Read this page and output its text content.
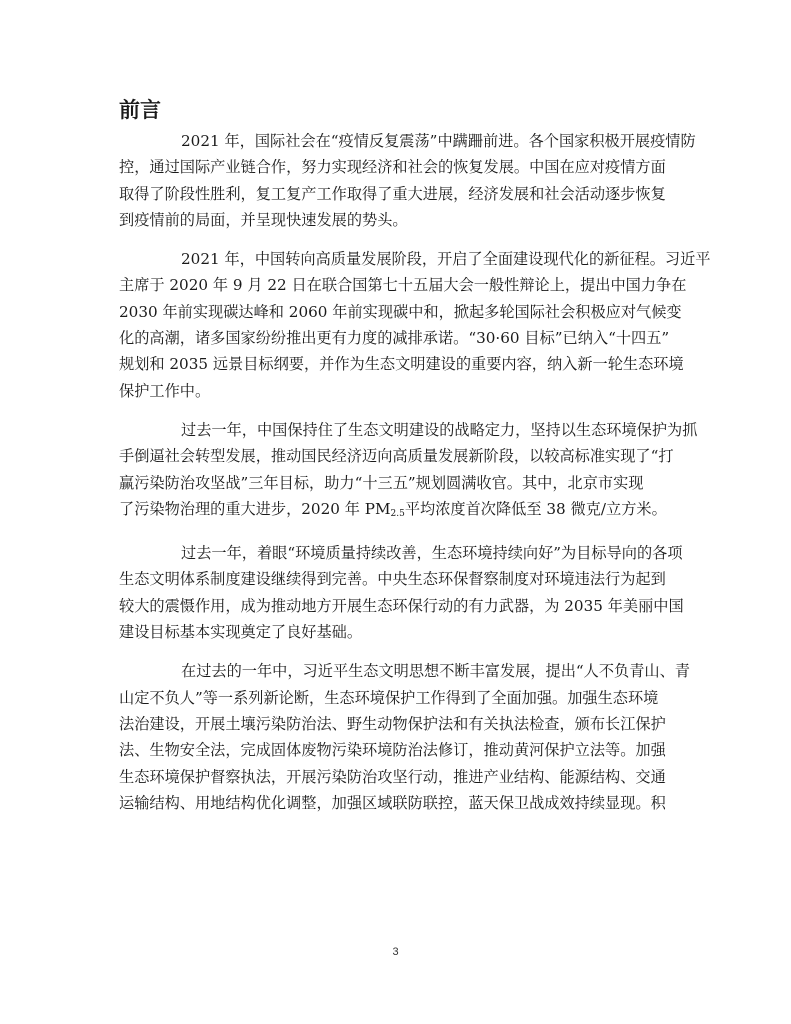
前言

2021 年，国际社会在“疫情反复震荡”中蹒跚前进。各个国家积极开展疫情防
控，通过国际产业链合作，努力实现经济和社会的恢复发展。中国在应对疫情方面
取得了阶段性胜利，复工复产工作取得了重大进展，经济发展和社会活动逐步恢复
到疫情前的局面，并呈现快速发展的势头。

2021 年，中国转向高质量发展阶段，开启了全面建设现代化的新征程。习近平
主席于 2020 年 9 月 22 日在联合国第七十五届大会一般性辩论上，提出中国力争在
2030 年前实现碳达峰和 2060 年前实现碳中和，掀起多轮国际社会积极应对气候变
化的高潮，诸多国家纷纷推出更有力度的减排承诺。“30·60 目标”已纳入“十四五”
规划和 2035 远景目标纲要，并作为生态文明建设的重要内容，纳入新一轮生态环境
保护工作中。

过去一年，中国保持住了生态文明建设的战略定力，坚持以生态环境保护为抓
手倒逼社会转型发展，推动国民经济迈向高质量发展新阶段，以较高标准实现了“打
赢污染防治攻坚战”三年目标，助力“十三五”规划圆满收官。其中，北京市实现
了污染物治理的重大进步，2020 年 $PM_{2.5}$平均浓度首次降低至 38 微克/立方米。

过去一年，着眼“环境质量持续改善，生态环境持续向好”为目标导向的各项
生态文明体系制度建设继续得到完善。中央生态环保督察制度对环境违法行为起到
较大的震慑作用，成为推动地方开展生态环保行动的有力武器，为 2035 年美丽中国
建设目标基本实现奠定了良好基础。

在过去的一年中，习近平生态文明思想不断丰富发展，提出“人不负青山、青
山定不负人”等一系列新论断，生态环境保护工作得到了全面加强。加强生态环境
法治建设，开展土壤污染防治法、野生动物保护法和有关执法检查，颁布长江保护
法、生物安全法，完成固体废物污染环境防治法修订，推动黄河保护立法等。加强
生态环境保护督察执法，开展污染防治攻坚行动，推进产业结构、能源结构、交通
运输结构、用地结构优化调整，加强区域联防联控，蓝天保卫战成效持续显现。积

3
